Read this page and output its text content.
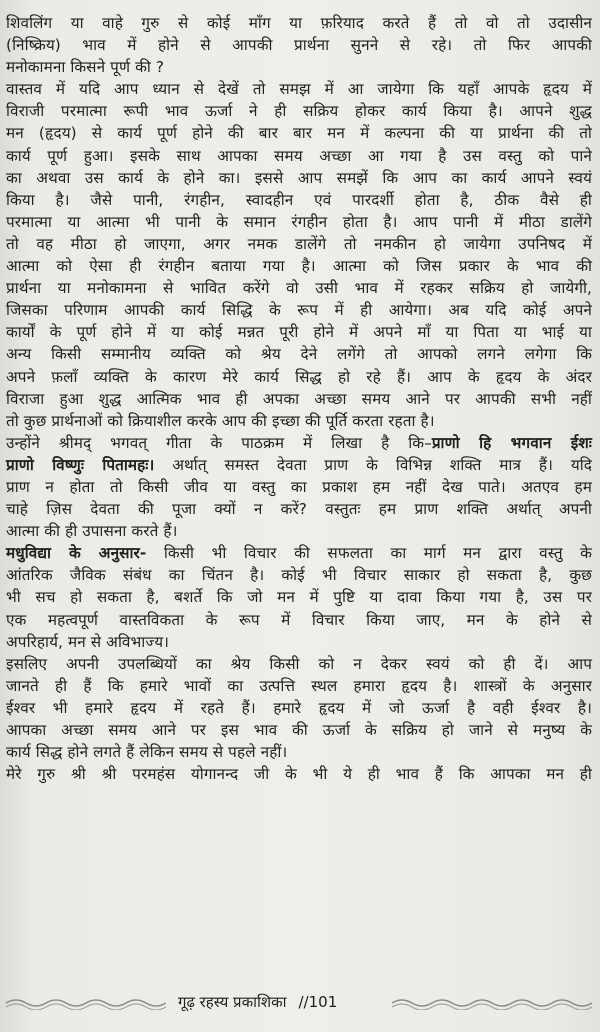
शिवलिंग या वाहे गुरु से कोई माँग या फ़रियाद करते हैं तो वो तो उदासीन
(निष्क्रिय) भाव में होने से आपकी प्रार्थना सुनने से रहे। तो फिर आपकी
मनोकामना किसने पूर्ण की ?
वास्तव में यदि आप ध्यान से देखें तो समझ में आ जायेगा कि यहाँ आपके हृदय में
विराजी परमात्मा रूपी भाव ऊर्जा ने ही सक्रिय होकर कार्य किया है। आपने शुद्ध
मन (हृदय) से कार्य पूर्ण होने की बार बार मन में कल्पना की या प्रार्थना की तो
कार्य पूर्ण हुआ। इसके साथ आपका समय अच्छा आ गया है उस वस्तु को पाने
का अथवा उस कार्य के होने का। इससे आप समझें कि आप का कार्य आपने स्वयं
किया है। जैसे पानी, रंगहीन, स्वादहीन एवं पारदर्शी होता है, ठीक वैसे ही
परमात्मा या आत्मा भी पानी के समान रंगहीन होता है। आप पानी में मीठा डालेंगे
तो वह मीठा हो जाएगा, अगर नमक डालेंगे तो नमकीन हो जायेगा उपनिषद में
आत्मा को ऐसा ही रंगहीन बताया गया है। आत्मा को जिस प्रकार के भाव की
प्रार्थना या मनोकामना से भावित करेंगे वो उसी भाव में रहकर सक्रिय हो जायेगी,
जिसका परिणाम आपकी कार्य सिद्धि के रूप में ही आयेगा। अब यदि कोई अपने
कार्यों के पूर्ण होने में या कोई मन्नत पूरी होने में अपने माँ या पिता या भाई या
अन्य किसी सम्मानीय व्यक्ति को श्रेय देने लगेंगे तो आपको लगने लगेगा कि
अपने फ़लाँ व्यक्ति के कारण मेरे कार्य सिद्ध हो रहे हैं। आप के हृदय के अंदर
विराजा हुआ शुद्ध आत्मिक भाव ही अपका अच्छा समय आने पर आपकी सभी नहीं
तो कुछ प्रार्थनाओं को क्रियाशील करके आप की इच्छा की पूर्ति करता रहता है।
उन्होंने श्रीमद् भगवत् गीता के पाठक्रम में लिखा है कि–प्राणो हि भगवान ईशः
प्राणो विष्णुः पितामहः। अर्थात् समस्त देवता प्राण के विभिन्न शक्ति मात्र हैं। यदि
प्राण न होता तो किसी जीव या वस्तु का प्रकाश हम नहीं देख पाते। अतएव हम
चाहे ज़िस देवता की पूजा क्यों न करें? वस्तुतः हम प्राण शक्ति अर्थात् अपनी
आत्मा की ही उपासना करते हैं।
मधुविद्या के अनुसार- किसी भी विचार की सफलता का मार्ग मन द्वारा वस्तु के
आंतरिक जैविक संबंध का चिंतन है। कोई भी विचार साकार हो सकता है, कुछ
भी सच हो सकता है, बशर्ते कि जो मन में पुष्टि या दावा किया गया है, उस पर
एक महत्वपूर्ण वास्तविकता के रूप में विचार किया जाए, मन के होने से
अपरिहार्य, मन से अविभाज्य।
इसलिए अपनी उपलब्धियों का श्रेय किसी को न देकर स्वयं को ही दें। आप
जानते ही हैं कि हमारे भावों का उत्पत्ति स्थल हमारा हृदय है। शास्त्रों के अनुसार
ईश्वर भी हमारे हृदय में रहते हैं। हमारे हृदय में जो ऊर्जा है वही ईश्वर है।
आपका अच्छा समय आने पर इस भाव की ऊर्जा के सक्रिय हो जाने से मनुष्य के
कार्य सिद्ध होने लगते हैं लेकिन समय से पहले नहीं।
मेरे गुरु श्री श्री परमहंस योगानन्द जी के भी ये ही भाव हैं कि आपका मन ही
गूढ़ रहस्य प्रकाशिका //101
